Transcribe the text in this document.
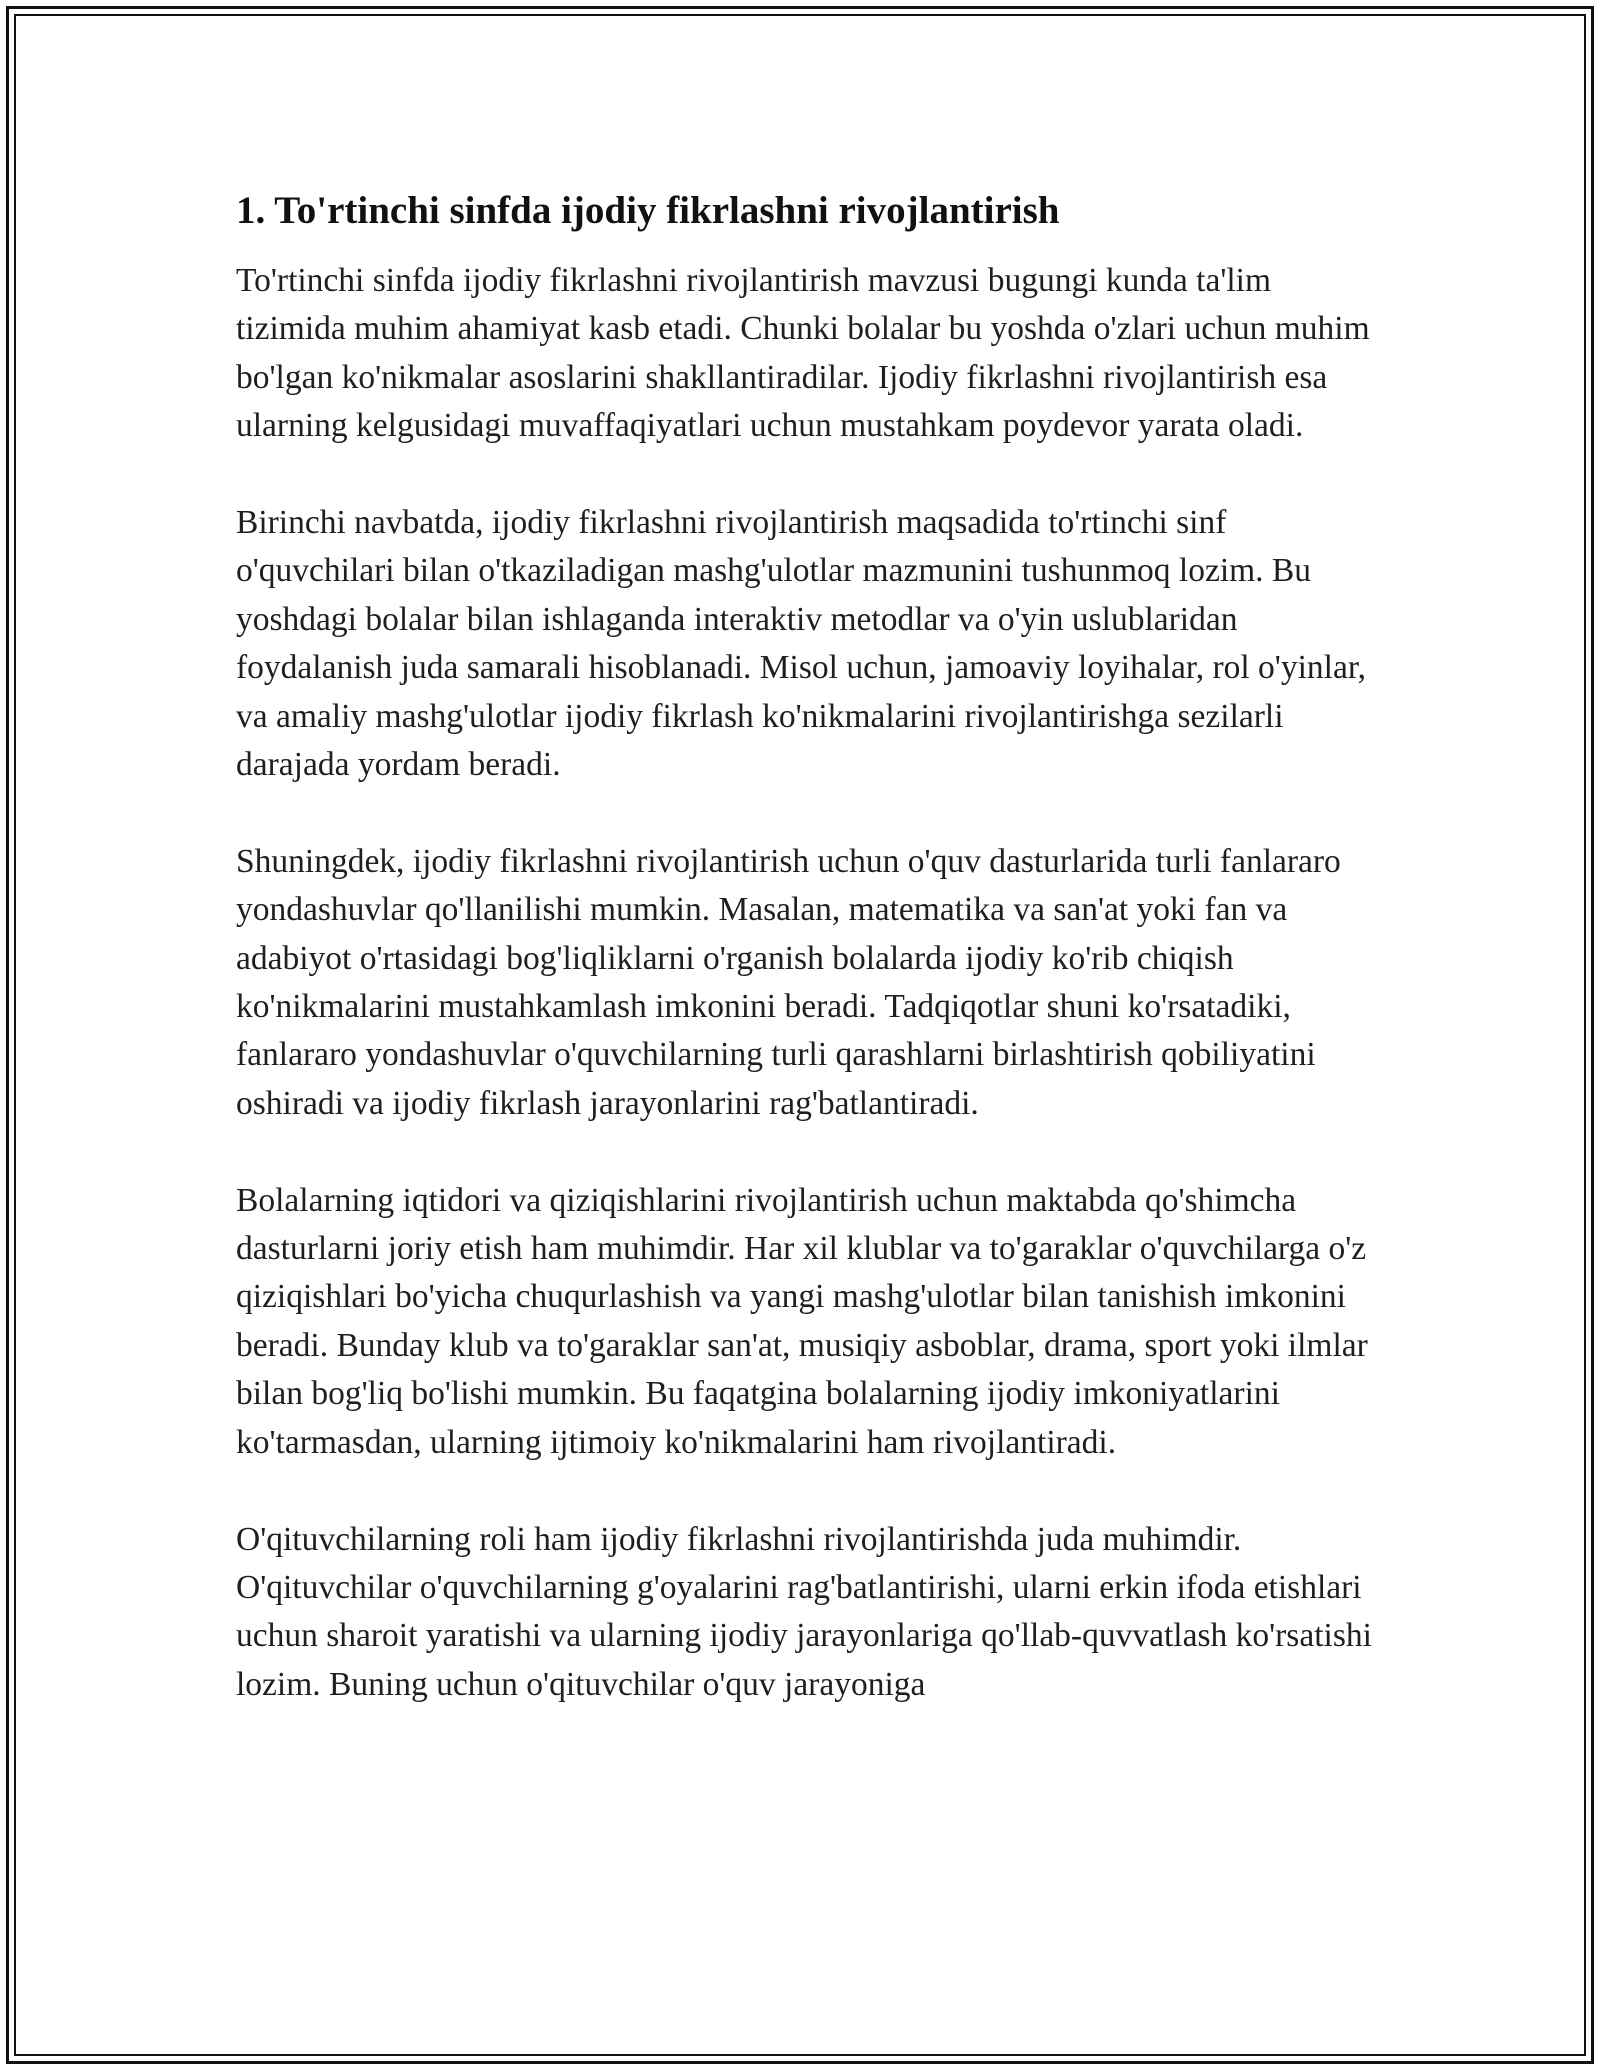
1. To'rtinchi sinfda ijodiy fikrlashni rivojlantirish

To'rtinchi sinfda ijodiy fikrlashni rivojlantirish mavzusi bugungi kunda ta'lim tizimida muhim ahamiyat kasb etadi. Chunki bolalar bu yoshda o'zlari uchun muhim bo'lgan ko'nikmalar asoslarini shakllantiradilar. Ijodiy fikrlashni rivojlantirish esa ularning kelgusidagi muvaffaqiyatlari uchun mustahkam poydevor yarata oladi.

Birinchi navbatda, ijodiy fikrlashni rivojlantirish maqsadida to'rtinchi sinf o'quvchilari bilan o'tkaziladigan mashg'ulotlar mazmunini tushunmoq lozim. Bu yoshdagi bolalar bilan ishlaganda interaktiv metodlar va o'yin uslublaridan foydalanish juda samarali hisoblanadi. Misol uchun, jamoaviy loyihalar, rol o'yinlar, va amaliy mashg'ulotlar ijodiy fikrlash ko'nikmalarini rivojlantirishga sezilarli darajada yordam beradi.

Shuningdek, ijodiy fikrlashni rivojlantirish uchun o'quv dasturlarida turli fanlararo yondashuvlar qo'llanilishi mumkin. Masalan, matematika va san'at yoki fan va adabiyot o'rtasidagi bog'liqliklarni o'rganish bolalarda ijodiy ko'rib chiqish ko'nikmalarini mustahkamlash imkonini beradi. Tadqiqotlar shuni ko'rsatadiki, fanlararo yondashuvlar o'quvchilarning turli qarashlarni birlashtirish qobiliyatini oshiradi va ijodiy fikrlash jarayonlarini rag'batlantiradi.

Bolalarning iqtidori va qiziqishlarini rivojlantirish uchun maktabda qo'shimcha dasturlarni joriy etish ham muhimdir. Har xil klublar va to'garaklar o'quvchilarga o'z qiziqishlari bo'yicha chuqurlashish va yangi mashg'ulotlar bilan tanishish imkonini beradi. Bunday klub va to'garaklar san'at, musiqiy asboblar, drama, sport yoki ilmlar bilan bog'liq bo'lishi mumkin. Bu faqatgina bolalarning ijodiy imkoniyatlarini ko'tarmasdan, ularning ijtimoiy ko'nikmalarini ham rivojlantiradi.

O'qituvchilarning roli ham ijodiy fikrlashni rivojlantirishda juda muhimdir. O'qituvchilar o'quvchilarning g'oyalarini rag'batlantirishi, ularni erkin ifoda etishlari uchun sharoit yaratishi va ularning ijodiy jarayonlariga qo'llab-quvvatlash ko'rsatishi lozim. Buning uchun o'qituvchilar o'quv jarayoniga
